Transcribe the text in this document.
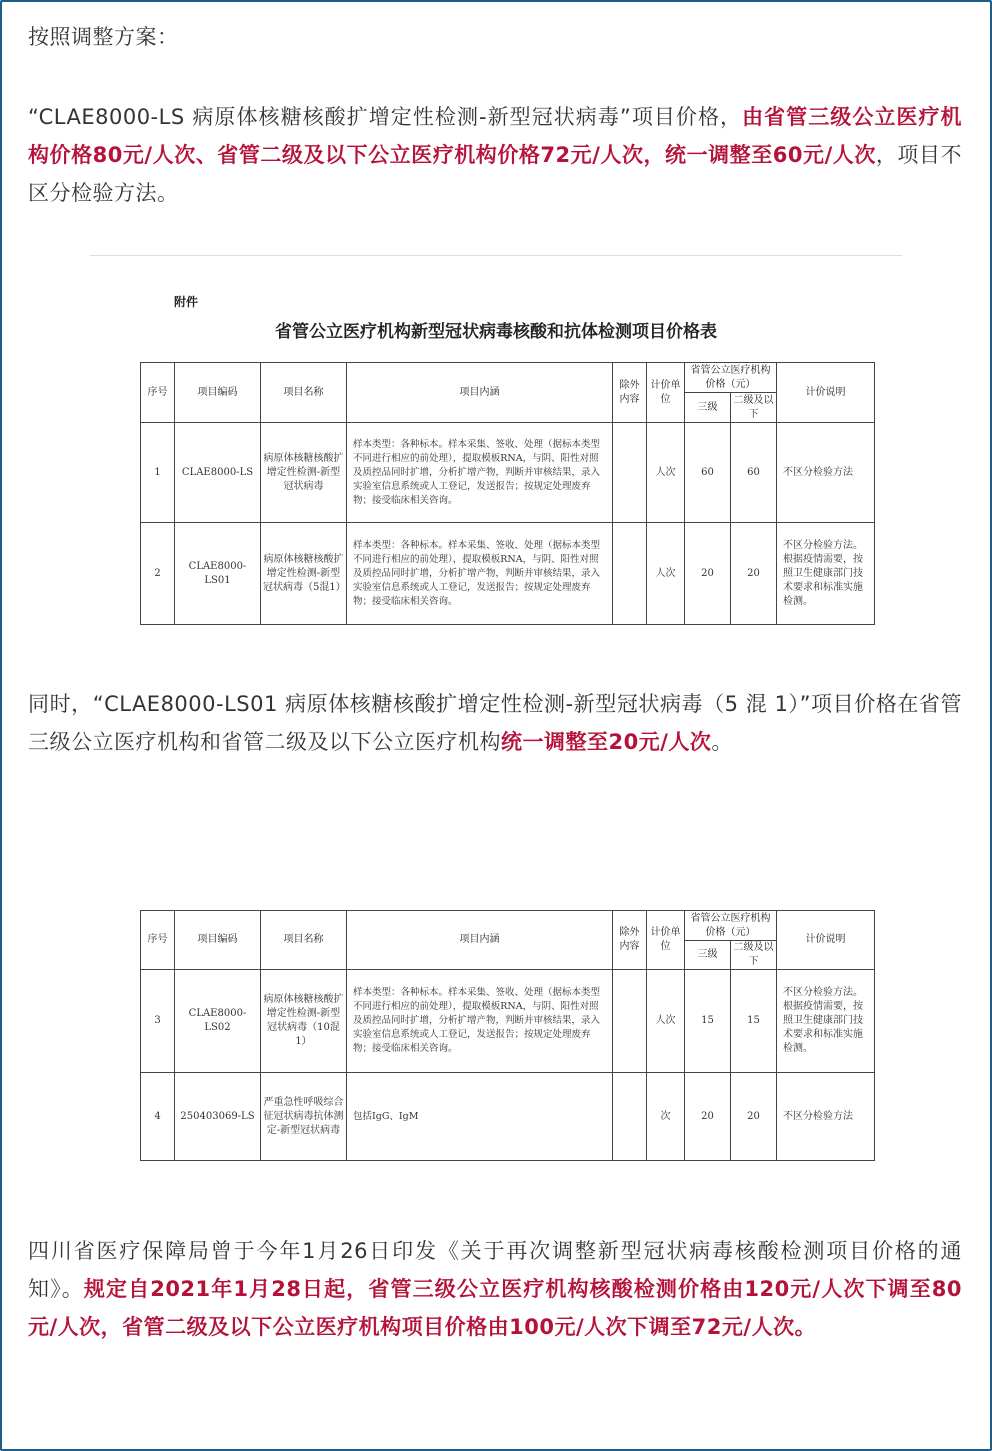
按照调整方案：
“CLAE8000-LS 病原体核糖核酸扩增定性检测-新型冠状病毒”项目价格，由省管三级公立医疗机构价格80元/人次、省管二级及以下公立医疗机构价格72元/人次，统一调整至60元/人次，项目不区分检验方法。
附件
省管公立医疗机构新型冠状病毒核酸和抗体检测项目价格表
序号	项目编码	项目名称	项目内涵	除外内容	计价单位	省管公立医疗机构价格（元）		计价说明
						三级	二级及以下	
1	CLAE8000-LS	病原体核糖核酸扩增定性检测-新型冠状病毒	样本类型：各种标本。样本采集、签收、处理（据标本类型不同进行相应的前处理），提取模板RNA，与阴、阳性对照及质控品同时扩增，分析扩增产物，判断并审核结果，录入实验室信息系统或人工登记，发送报告；按规定处理废弃物；接受临床相关咨询。		人次	60	60	不区分检验方法
2	CLAE8000-LS01	病原体核糖核酸扩增定性检测-新型冠状病毒（5混1）	样本类型：各种标本。样本采集、签收、处理（据标本类型不同进行相应的前处理），提取模板RNA，与阴、阳性对照及质控品同时扩增，分析扩增产物，判断并审核结果，录入实验室信息系统或人工登记，发送报告；按规定处理废弃物；接受临床相关咨询。		人次	20	20	不区分检验方法。根据疫情需要，按照卫生健康部门技术要求和标准实施检测。
同时，“CLAE8000-LS01 病原体核糖核酸扩增定性检测-新型冠状病毒（5 混 1）”项目价格在省管三级公立医疗机构和省管二级及以下公立医疗机构统一调整至20元/人次。
序号	项目编码	项目名称	项目内涵	除外内容	计价单位	省管公立医疗机构价格（元）		计价说明
						三级	二级及以下	
3	CLAE8000-LS02	病原体核糖核酸扩增定性检测-新型冠状病毒（10混1）	样本类型：各种标本。样本采集、签收、处理（据标本类型不同进行相应的前处理），提取模板RNA，与阴、阳性对照及质控品同时扩增，分析扩增产物，判断并审核结果，录入实验室信息系统或人工登记，发送报告；按规定处理废弃物；接受临床相关咨询。		人次	15	15	不区分检验方法。根据疫情需要，按照卫生健康部门技术要求和标准实施检测。
4	250403069-LS	严重急性呼吸综合征冠状病毒抗体测定-新型冠状病毒	包括IgG、IgM		次	20	20	不区分检验方法
四川省医疗保障局曾于今年1月26日印发《关于再次调整新型冠状病毒核酸检测项目价格的通知》。规定自2021年1月28日起，省管三级公立医疗机构核酸检测价格由120元/人次下调至80元/人次，省管二级及以下公立医疗机构项目价格由100元/人次下调至72元/人次。
